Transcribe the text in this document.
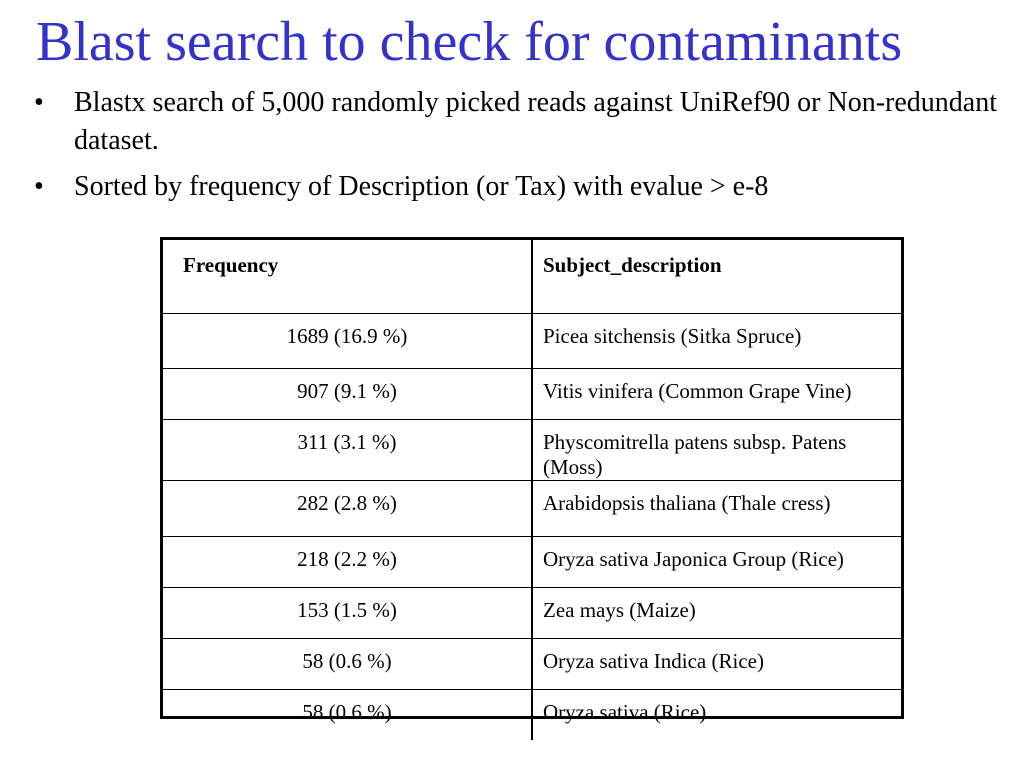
Blast search to check for contaminants
• Blastx search of 5,000 randomly picked reads against UniRef90 or Non-redundant dataset.
• Sorted by frequency of Description (or Tax) with evalue > e-8
Frequency	Subject_description
1689 (16.9 %)	Picea sitchensis (Sitka Spruce)
907 (9.1 %)	Vitis vinifera (Common Grape Vine)
311 (3.1 %)	Physcomitrella patens subsp. Patens (Moss)
282 (2.8 %)	Arabidopsis thaliana (Thale cress)
218 (2.2 %)	Oryza sativa Japonica Group (Rice)
153 (1.5 %)	Zea mays (Maize)
58 (0.6 %)	Oryza sativa Indica (Rice)
58 (0.6 %)	Oryza sativa (Rice)
